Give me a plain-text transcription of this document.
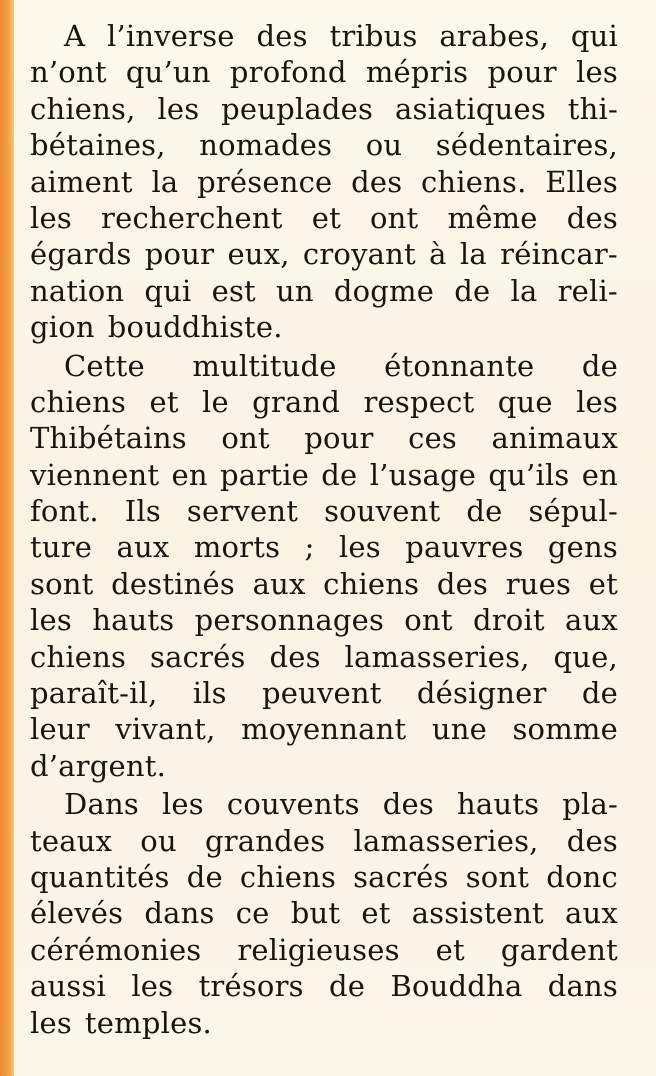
A l’inverse des tribus arabes, qui
n’ont qu’un profond mépris pour les
chiens, les peuplades asiatiques thi-
bétaines, nomades ou sédentaires,
aiment la présence des chiens. Elles
les recherchent et ont même des
égards pour eux, croyant à la réincar-
nation qui est un dogme de la reli-
gion bouddhiste.
Cette multitude étonnante de
chiens et le grand respect que les
Thibétains ont pour ces animaux
viennent en partie de l’usage qu’ils en
font. Ils servent souvent de sépul-
ture aux morts ; les pauvres gens
sont destinés aux chiens des rues et
les hauts personnages ont droit aux
chiens sacrés des lamasseries, que,
paraît-il, ils peuvent désigner de
leur vivant, moyennant une somme
d’argent.
Dans les couvents des hauts pla-
teaux ou grandes lamasseries, des
quantités de chiens sacrés sont donc
élevés dans ce but et assistent aux
cérémonies religieuses et gardent
aussi les trésors de Bouddha dans
les temples.
